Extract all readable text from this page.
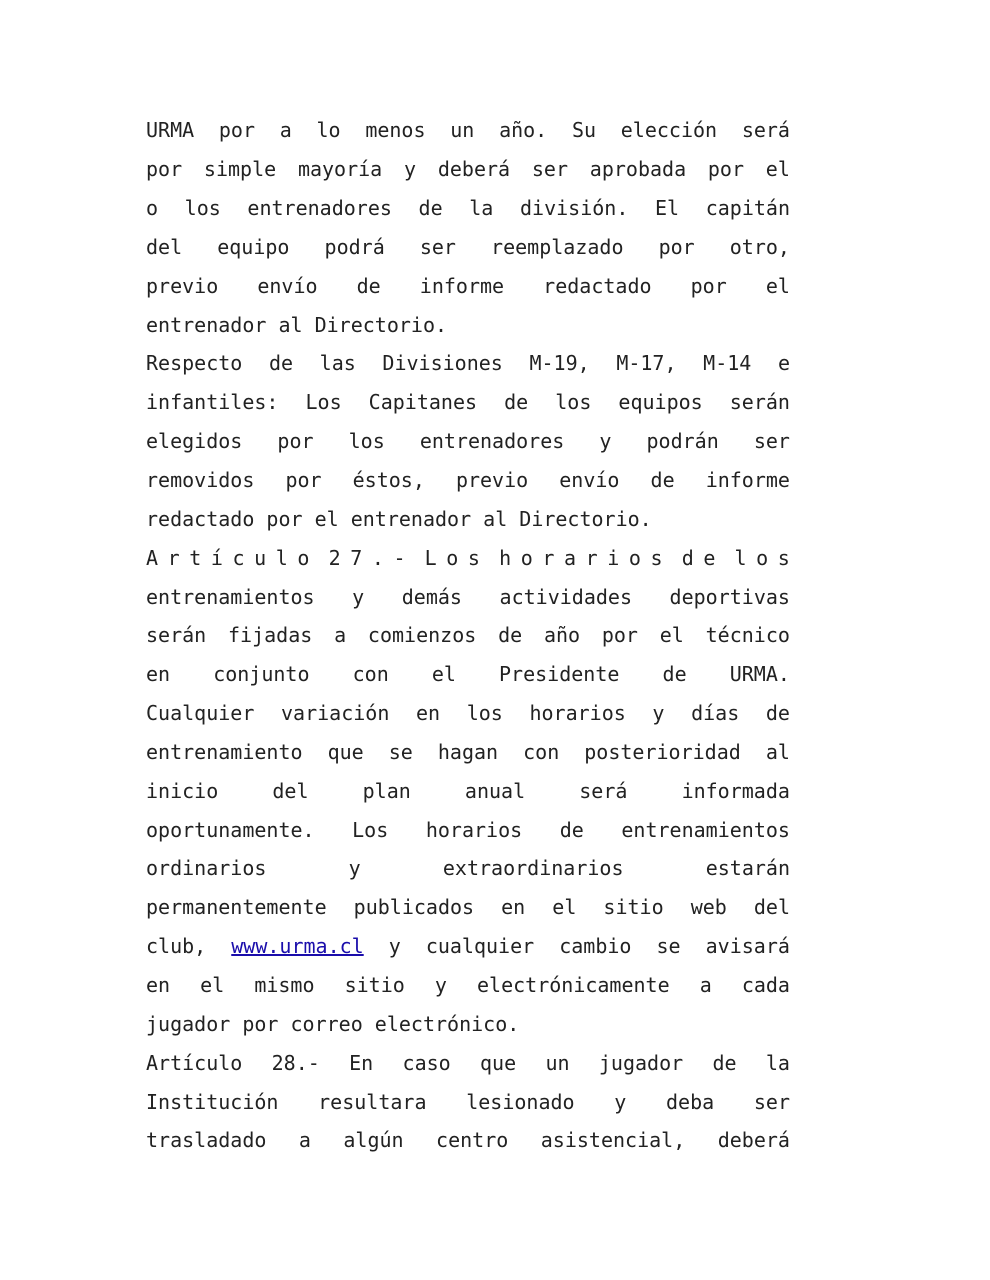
URMA por a lo menos un año. Su elección será
por simple mayoría y deberá ser aprobada por el
o los entrenadores de la división. El capitán
del equipo podrá ser reemplazado por otro,
previo envío de informe redactado por el
entrenador al Directorio.
Respecto de las Divisiones M-19, M-17, M-14 e
infantiles: Los Capitanes de los equipos serán
elegidos por los entrenadores y podrán ser
removidos por éstos, previo envío de informe
redactado por el entrenador al Directorio.
A r t í c u l o 2 7 . - L o s h o r a r i o s d e l o s
entrenamientos y demás actividades deportivas
serán fijadas a comienzos de año por el técnico
en conjunto con el Presidente de URMA.
Cualquier variación en los horarios y días de
entrenamiento que se hagan con posterioridad al
inicio	del	plan	anual	será	informada
oportunamente. Los horarios de entrenamientos
ordinarios	y	extraordinarios	estarán
permanentemente publicados en el sitio web del
club, www.urma.cl y cualquier cambio se avisará
en el mismo sitio y electrónicamente a cada
jugador por correo electrónico.
Artículo 28.- En caso que un jugador de la
Institución resultara lesionado y deba ser
trasladado a algún centro asistencial, deberá
